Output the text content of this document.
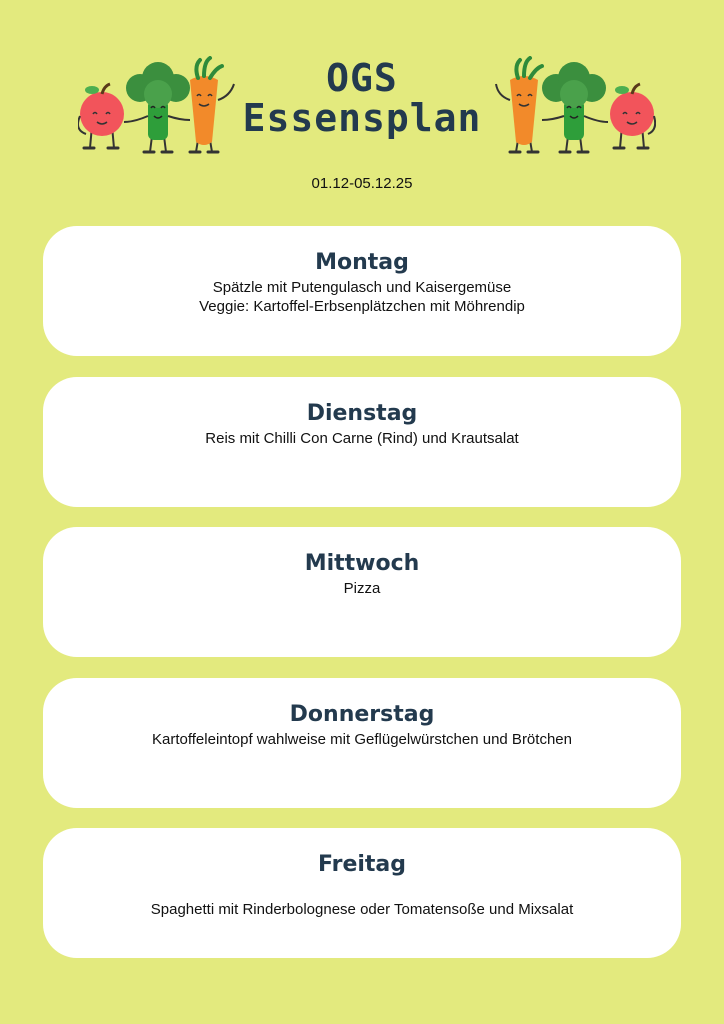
OGS
Essensplan
01.12-05.12.25
Montag
Spätzle mit Putengulasch und Kaisergemüse
Veggie: Kartoffel-Erbsenplätzchen mit Möhrendip
Dienstag
Reis mit Chilli Con Carne (Rind) und Krautsalat
Mittwoch
Pizza
Donnerstag
Kartoffeleintopf wahlweise mit Geflügelwürstchen und Brötchen
Freitag
Spaghetti mit Rinderbolognese oder Tomatensoße und Mixsalat
